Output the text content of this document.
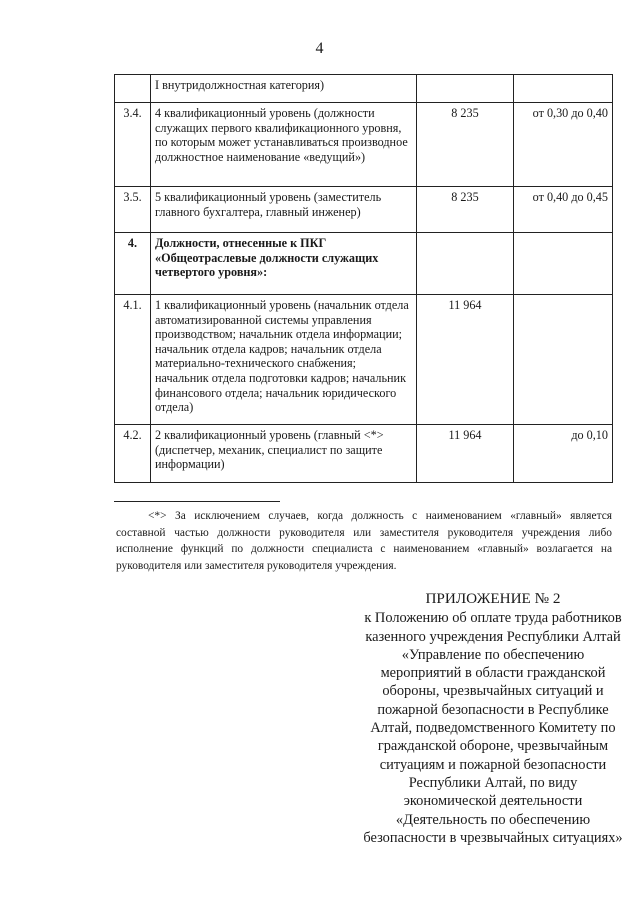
4
	I внутридолжностная категория)		
3.4.	4 квалификационный уровень (должности служащих первого квалификационного уровня, по которым может устанавливаться производное должностное наименование «ведущий»)	8 235	от 0,30 до 0,40
3.5.	5 квалификационный уровень (заместитель главного бухгалтера, главный инженер)	8 235	от 0,40 до 0,45
4.	Должности, отнесенные к ПКГ «Общеотраслевые должности служащих четвертого уровня»:		
4.1.	1 квалификационный уровень (начальник отдела автоматизированной системы управления производством; начальник отдела информации; начальник отдела кадров; начальник отдела материально-технического снабжения; начальник отдела подготовки кадров; начальник финансового отдела; начальник юридического отдела)	11 964	
4.2.	2 квалификационный уровень (главный <*> (диспетчер, механик, специалист по защите информации)	11 964	до 0,10
<*> За исключением случаев, когда должность с наименованием «главный» является составной частью должности руководителя или заместителя руководителя учреждения либо исполнение функций по должности специалиста с наименованием «главный» возлагается на руководителя или заместителя руководителя учреждения.
ПРИЛОЖЕНИЕ № 2
к Положению об оплате труда работников казенного учреждения Республики Алтай «Управление по обеспечению мероприятий в области гражданской обороны, чрезвычайных ситуаций и пожарной безопасности в Республике Алтай, подведомственного Комитету по гражданской обороне, чрезвычайным ситуациям и пожарной безопасности Республики Алтай, по виду экономической деятельности «Деятельность по обеспечению безопасности в чрезвычайных ситуациях»
